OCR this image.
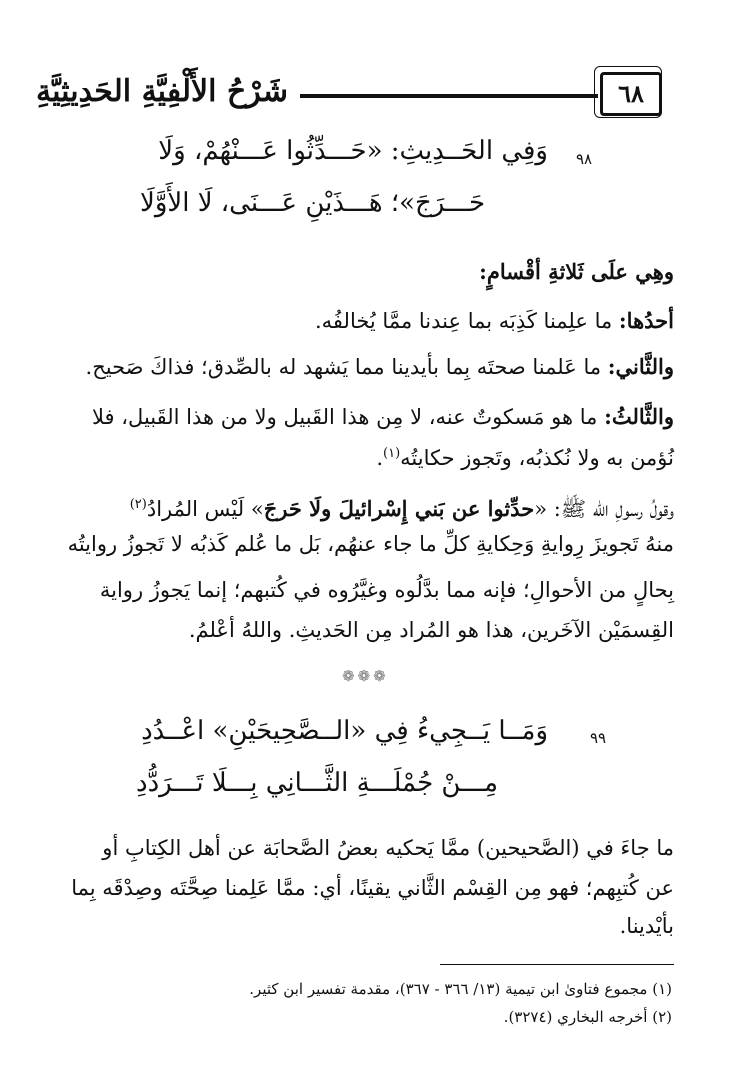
شَرْحُ الأَلْفِيَّةِ الحَدِيثِيَّةِ	٦٨
٩٨
وَفِي الحَــدِيثِ: «حَـــدِّثُوا عَـــنْهُمْ، وَلَا
حَـــرَجَ»؛ هَـــذَيْنِ عَـــنَى، لَا الأَوَّلَا
وهِي علَى ثَلاثةِ أقْسامٍ:
أحدُها: ما علِمنا كَذِبَه بما عِندنا ممَّا يُخالفُه.
والثَّاني: ما عَلمنا صحتَه بِما بأيدينا مما يَشهد له بالصِّدق؛ فذاكَ صَحيح.
والثَّالثُ: ما هو مَسكوتٌ عنه، لا مِن هذا القَبيل ولا من هذا القَبيل، فلا
نُؤمن به ولا نُكذبُه، وتَجوز حكايتُه$^{(١)}$.
وقولُ رسولِ الله ﷺ: «حدِّثوا عن بَني إِسْرائيلَ ولَا حَرجَ» لَيْس المُرادُ$^{(٢)}$
منهُ تَجويزَ رِوايةِ وَحِكايةِ كلِّ ما جاء عنهُم، بَل ما عُلم كَذبُه لا تَجوزُ روايتُه
بِحالٍ من الأحوالِ؛ فإنه مما بدَّلُوه وغيَّرُوه في كُتبهم؛ إنما يَجوزُ رواية
القِسمَيْن الآخَرين، هذا هو المُراد مِن الحَديثِ. واللهُ أعْلمُ.
❁❁❁
٩٩
وَمَــا يَــجِيءُ فِي «الــصَّحِيحَيْنِ» اعْــدُدِ
مِـــنْ جُمْلَـــةِ الثَّـــانِي بِـــلَا تَـــرَدُّدِ
ما جاءَ في (الصَّحيحين) ممَّا يَحكيه بعضُ الصَّحابَة عن أهل الكِتابِ أو
عن كُتبِهم؛ فهو مِن القِسْم الثَّاني يقينًا، أي: ممَّا عَلِمنا صِحَّتَه وصِدْقَه بِما
بأيْدينا.
(١) مجموع فتاوىٰ ابن تيمية (١٣/ ٣٦٦ - ٣٦٧)، مقدمة تفسير ابن كثير.
(٢) أخرجه البخاري (٣٢٧٤).
